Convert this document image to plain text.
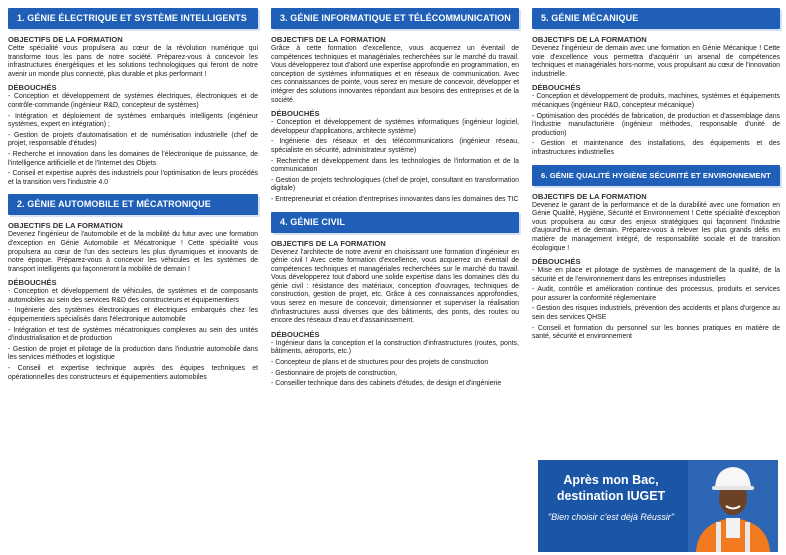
1. GÉNIE ÉLECTRIQUE ET SYSTÈME INTELLIGENTS
OBJECTIFS DE LA FORMATION

Cette spécialité vous propulsera au cœur de la révolution numérique qui transforme tous les pans de notre société. Préparez-vous à concevoir les infrastructures énergétiques et les solutions technologiques qui feront de notre avenir un monde plus connecté, plus durable et plus performant !

DÉBOUCHÉS
- Conception et développement de systèmes électriques, électroniques et de contrôle-commande (ingénieur R&D, concepteur de systèmes)
- Intégration et déploiement de systèmes embarqués intelligents (ingénieur systèmes, expert en intégration) ;
- Gestion de projets d'automatisation et de numérisation industrielle (chef de projet, responsable d'études)
- Recherche et innovation dans les domaines de l'électronique de puissance, de l'intelligence artificielle et de l'Internet des Objets
- Conseil et expertise auprès des industriels pour l'optimisation de leurs procédés et la transition vers l'industrie 4.0
2. GÉNIE AUTOMOBILE ET MÉCATRONIQUE
OBJECTIFS DE LA FORMATION

Devenez l'ingénieur de l'automobile et de la mobilité du futur avec une formation d'exception en Génie Automobile et Mécatronique ! Cette spécialité vous propulsera au cœur de l'un des secteurs les plus dynamiques et innovants de notre époque. Préparez-vous à concevoir les véhicules et les systèmes de transport intelligents qui façonneront la mobilité de demain !

DÉBOUCHÉS
- Conception et développement de véhicules, de systèmes et de composants automobiles au sein des services R&D des constructeurs et équipementiers
- Ingénierie des systèmes électroniques et électriques embarqués chez les équipementiers spécialisés dans l'électronique automobile
- Intégration et test de systèmes mécatroniques complexes au sein des unités d'industrialisation et de production
- Gestion de projet et pilotage de la production dans l'industrie automobile dans les services méthodes et logistique
- Conseil et expertise technique auprès des équipes techniques et opérationnelles des constructeurs et équipementiers automobiles
3. GÉNIE INFORMATIQUE ET TÉLÉCOMMUNICATION
OBJECTIFS DE LA FORMATION

Grâce à cette formation d'excellence, vous acquerrez un éventail de compétences techniques et managériales recherchées sur le marché du travail. Vous développerez tout d'abord une expertise approfondie en programmation, en conception de systèmes informatiques et en réseaux de communication. Avec ces connaissances de pointe, vous serez en mesure de concevoir, développer et intégrer des solutions innovantes répondant aux besoins des entreprises et de la société.

DÉBOUCHÉS
- Conception et développement de systèmes informatiques (ingénieur logiciel, développeur d'applications, architecte système)
- Ingénierie des réseaux et des télécommunications (ingénieur réseau, spécialiste en sécurité, administrateur système)
- Recherche et développement dans les technologies de l'information et de la communication
- Gestion de projets technologiques (chef de projet, consultant en transformation digitale)
- Entrepreneuriat et création d'entreprises innovantes dans les domaines des TIC
4. GÉNIE CIVIL
OBJECTIFS DE LA FORMATION

Devenez l'architecte de notre avenir en choisissant une formation d'ingénieur en génie civil ! Avec cette formation d'excellence, vous acquerrez un éventail de compétences techniques et managériales recherchées sur le marché du travail. Vous développerez tout d'abord une solide expertise dans les domaines clés du génie civil : résistance des matériaux, conception d'ouvrages, techniques de construction, gestion de projet, etc. Grâce à ces connaissances approfondies, vous serez en mesure de concevoir, dimensionner et superviser la réalisation d'infrastructures aussi diverses que des bâtiments, des ponts, des routes ou encore des réseaux d'eau et d'assainissement.

DÉBOUCHÉS
- Ingénieur dans la conception et la construction d'infrastructures (routes, ponts, bâtiments, aéroports, etc.)
- Concepteur de plans et de structures pour des projets de construction
- Gestionnaire de projets de construction,
- Conseiller technique dans des cabinets d'études, de design et d'ingénierie
5. GÉNIE MÉCANIQUE
OBJECTIFS DE LA FORMATION

Devenez l'ingénieur de demain avec une formation en Génie Mécanique ! Cette voie d'excellence vous permettra d'acquérir un arsenal de compétences techniques et managériales hors-norme, vous propulsant au cœur de l'innovation industrielle.

DÉBOUCHÉS
- Conception et développement de produits, machines, systèmes et équipements mécaniques (ingénieur R&D, concepteur mécanique)
- Optimisation des procédés de fabrication, de production et d'assemblage dans l'industrie manufacturière (ingénieur méthodes, responsable d'unité de production)
- Gestion et maintenance des installations, des équipements et des infrastructures industrielles
6. GÉNIE QUALITÉ HYGIÈNE SÉCURITÉ ET ENVIRONNEMENT
OBJECTIFS DE LA FORMATION

Devenez le garant de la performance et de la durabilité avec une formation en Génie Qualité, Hygiène, Sécurité et Environnement ! Cette spécialité d'exception vous propulsera au cœur des enjeux stratégiques qui façonnent l'industrie d'aujourd'hui et de demain. Préparez-vous à relever les plus grands défis en matière de management intégré, de responsabilité sociale et de transition écologique !

DÉBOUCHÉS
- Mise en place et pilotage de systèmes de management de la qualité, de la sécurité et de l'environnement dans les entreprises industrielles
- Audit, contrôle et amélioration continue des processus, produits et services pour assurer la conformité réglementaire
- Gestion des risques industriels, prévention des accidents et plans d'urgence au sein des services QHSE
- Conseil et formation du personnel sur les bonnes pratiques en matière de santé, sécurité et environnement
Après mon Bac, destination IUGET
"Bien choisir c'est déjà Réussir"
